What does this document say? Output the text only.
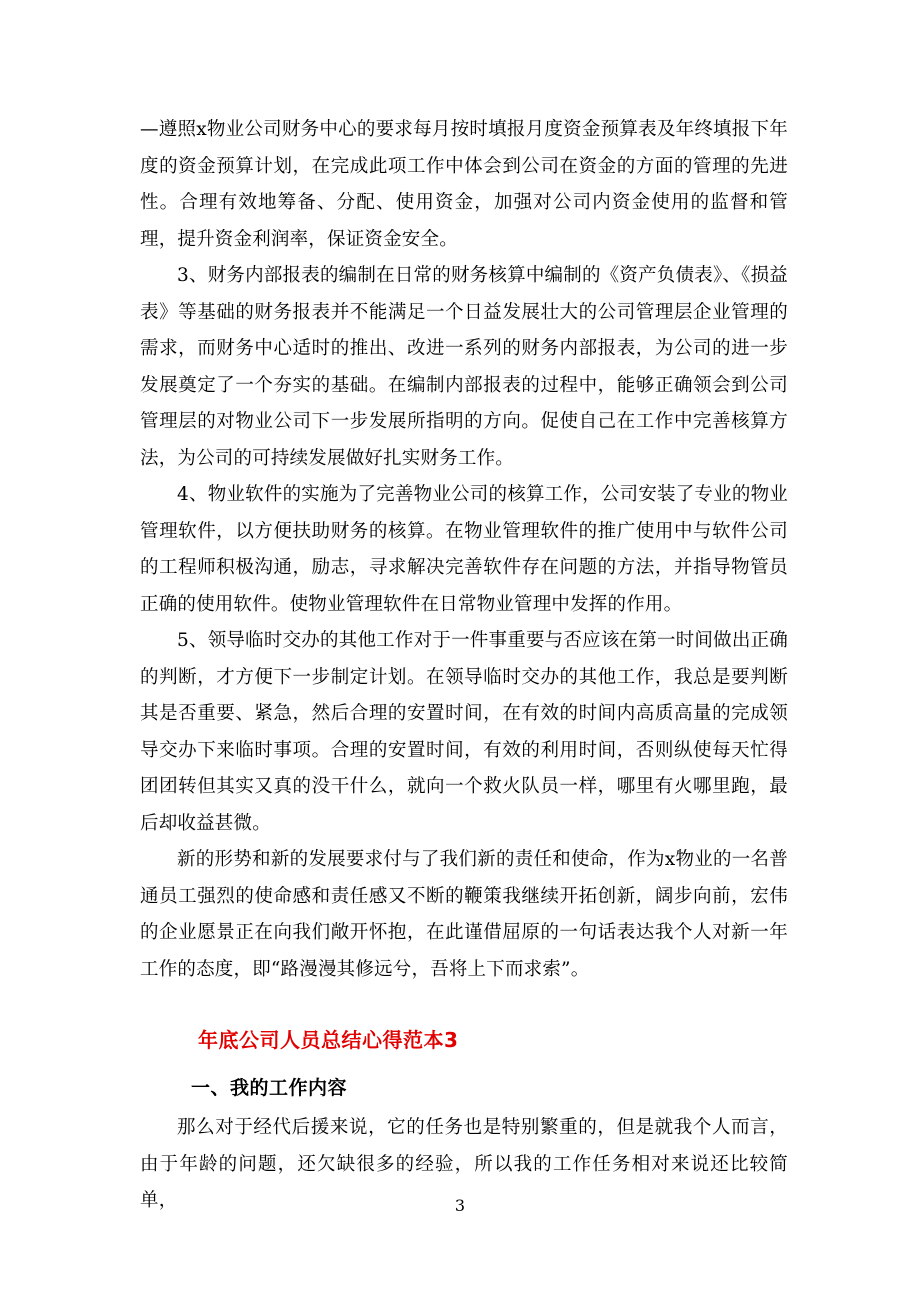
—遵照x物业公司财务中心的要求每月按时填报月度资金预算表及年终填报下年度的资金预算计划，在完成此项工作中体会到公司在资金的方面的管理的先进性。合理有效地筹备、分配、使用资金，加强对公司内资金使用的监督和管理，提升资金利润率，保证资金安全。

3、财务内部报表的编制在日常的财务核算中编制的《资产负债表》、《损益表》等基础的财务报表并不能满足一个日益发展壮大的公司管理层企业管理的需求，而财务中心适时的推出、改进一系列的财务内部报表，为公司的进一步发展奠定了一个夯实的基础。在编制内部报表的过程中，能够正确领会到公司管理层的对物业公司下一步发展所指明的方向。促使自己在工作中完善核算方法，为公司的可持续发展做好扎实财务工作。

4、物业软件的实施为了完善物业公司的核算工作，公司安装了专业的物业管理软件，以方便扶助财务的核算。在物业管理软件的推广使用中与软件公司的工程师积极沟通，励志，寻求解决完善软件存在问题的方法，并指导物管员正确的使用软件。使物业管理软件在日常物业管理中发挥的作用。

5、领导临时交办的其他工作对于一件事重要与否应该在第一时间做出正确的判断，才方便下一步制定计划。在领导临时交办的其他工作，我总是要判断其是否重要、紧急，然后合理的安置时间，在有效的时间内高质高量的完成领导交办下来临时事项。合理的安置时间，有效的利用时间，否则纵使每天忙得团团转但其实又真的没干什么，就向一个救火队员一样，哪里有火哪里跑，最后却收益甚微。

新的形势和新的发展要求付与了我们新的责任和使命，作为x物业的一名普通员工强烈的使命感和责任感又不断的鞭策我继续开拓创新，阔步向前，宏伟的企业愿景正在向我们敞开怀抱，在此谨借屈原的一句话表达我个人对新一年工作的态度，即“路漫漫其修远兮，吾将上下而求索”。

年底公司人员总结心得范本3
一、我的工作内容

那么对于经代后援来说，它的任务也是特别繁重的，但是就我个人而言，由于年龄的问题，还欠缺很多的经验，所以我的工作任务相对来说还比较简单，	3
